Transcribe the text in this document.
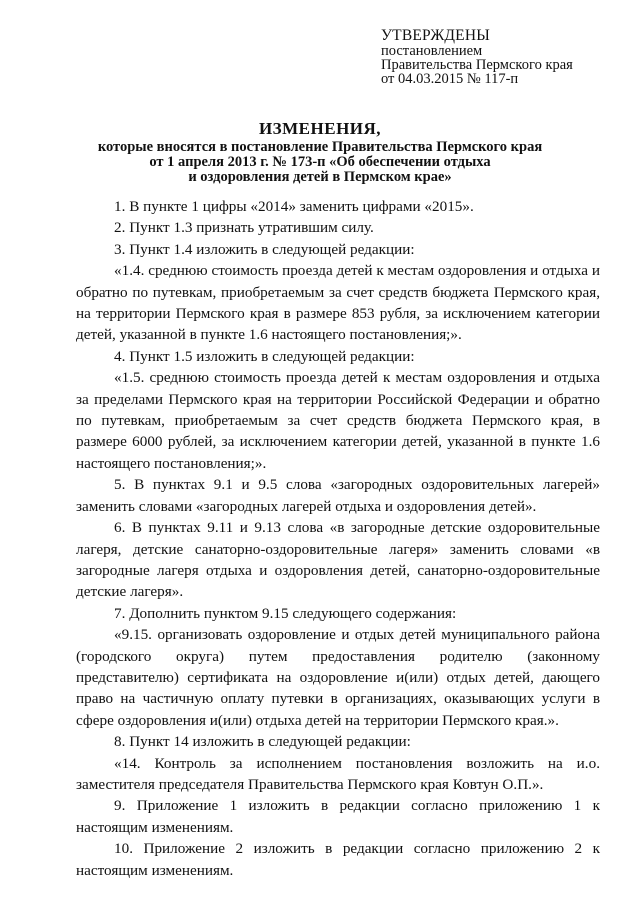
УТВЕРЖДЕНЫ
постановлением
Правительства Пермского края
от 04.03.2015 № 117-п
ИЗМЕНЕНИЯ,
которые вносятся в постановление Правительства Пермского края
от 1 апреля 2013 г. № 173-п «Об обеспечении отдыха
и оздоровления детей в Пермском крае»

1. В пункте 1 цифры «2014» заменить цифрами «2015».

2. Пункт 1.3 признать утратившим силу.

3. Пункт 1.4 изложить в следующей редакции:

«1.4. среднюю стоимость проезда детей к местам оздоровления и отдыха и обратно по путевкам, приобретаемым за счет средств бюджета Пермского края, на территории Пермского края в размере 853 рубля, за исключением категории детей, указанной в пункте 1.6 настоящего постановления;».

4. Пункт 1.5 изложить в следующей редакции:

«1.5. среднюю стоимость проезда детей к местам оздоровления и отдыха за пределами Пермского края на территории Российской Федерации и обратно по путевкам, приобретаемым за счет средств бюджета Пермского края, в размере 6000 рублей, за исключением категории детей, указанной в пункте 1.6 настоящего постановления;».

5. В пунктах 9.1 и 9.5 слова «загородных оздоровительных лагерей» заменить словами «загородных лагерей отдыха и оздоровления детей».

6. В пунктах 9.11 и 9.13 слова «в загородные детские оздоровительные лагеря, детские санаторно-оздоровительные лагеря» заменить словами «в загородные лагеря отдыха и оздоровления детей, санаторно-оздоровительные детские лагеря».

7. Дополнить пунктом 9.15 следующего содержания:

«9.15. организовать оздоровление и отдых детей муниципального района (городского округа) путем предоставления родителю (законному представителю) сертификата на оздоровление и(или) отдых детей, дающего право на частичную оплату путевки в организациях, оказывающих услуги в сфере оздоровления и(или) отдыха детей на территории Пермского края.».

8. Пункт 14 изложить в следующей редакции:

«14. Контроль за исполнением постановления возложить на и.о. заместителя председателя Правительства Пермского края Ковтун О.П.».

9. Приложение 1 изложить в редакции согласно приложению 1 к настоящим изменениям.

10. Приложение 2 изложить в редакции согласно приложению 2 к настоящим изменениям.
